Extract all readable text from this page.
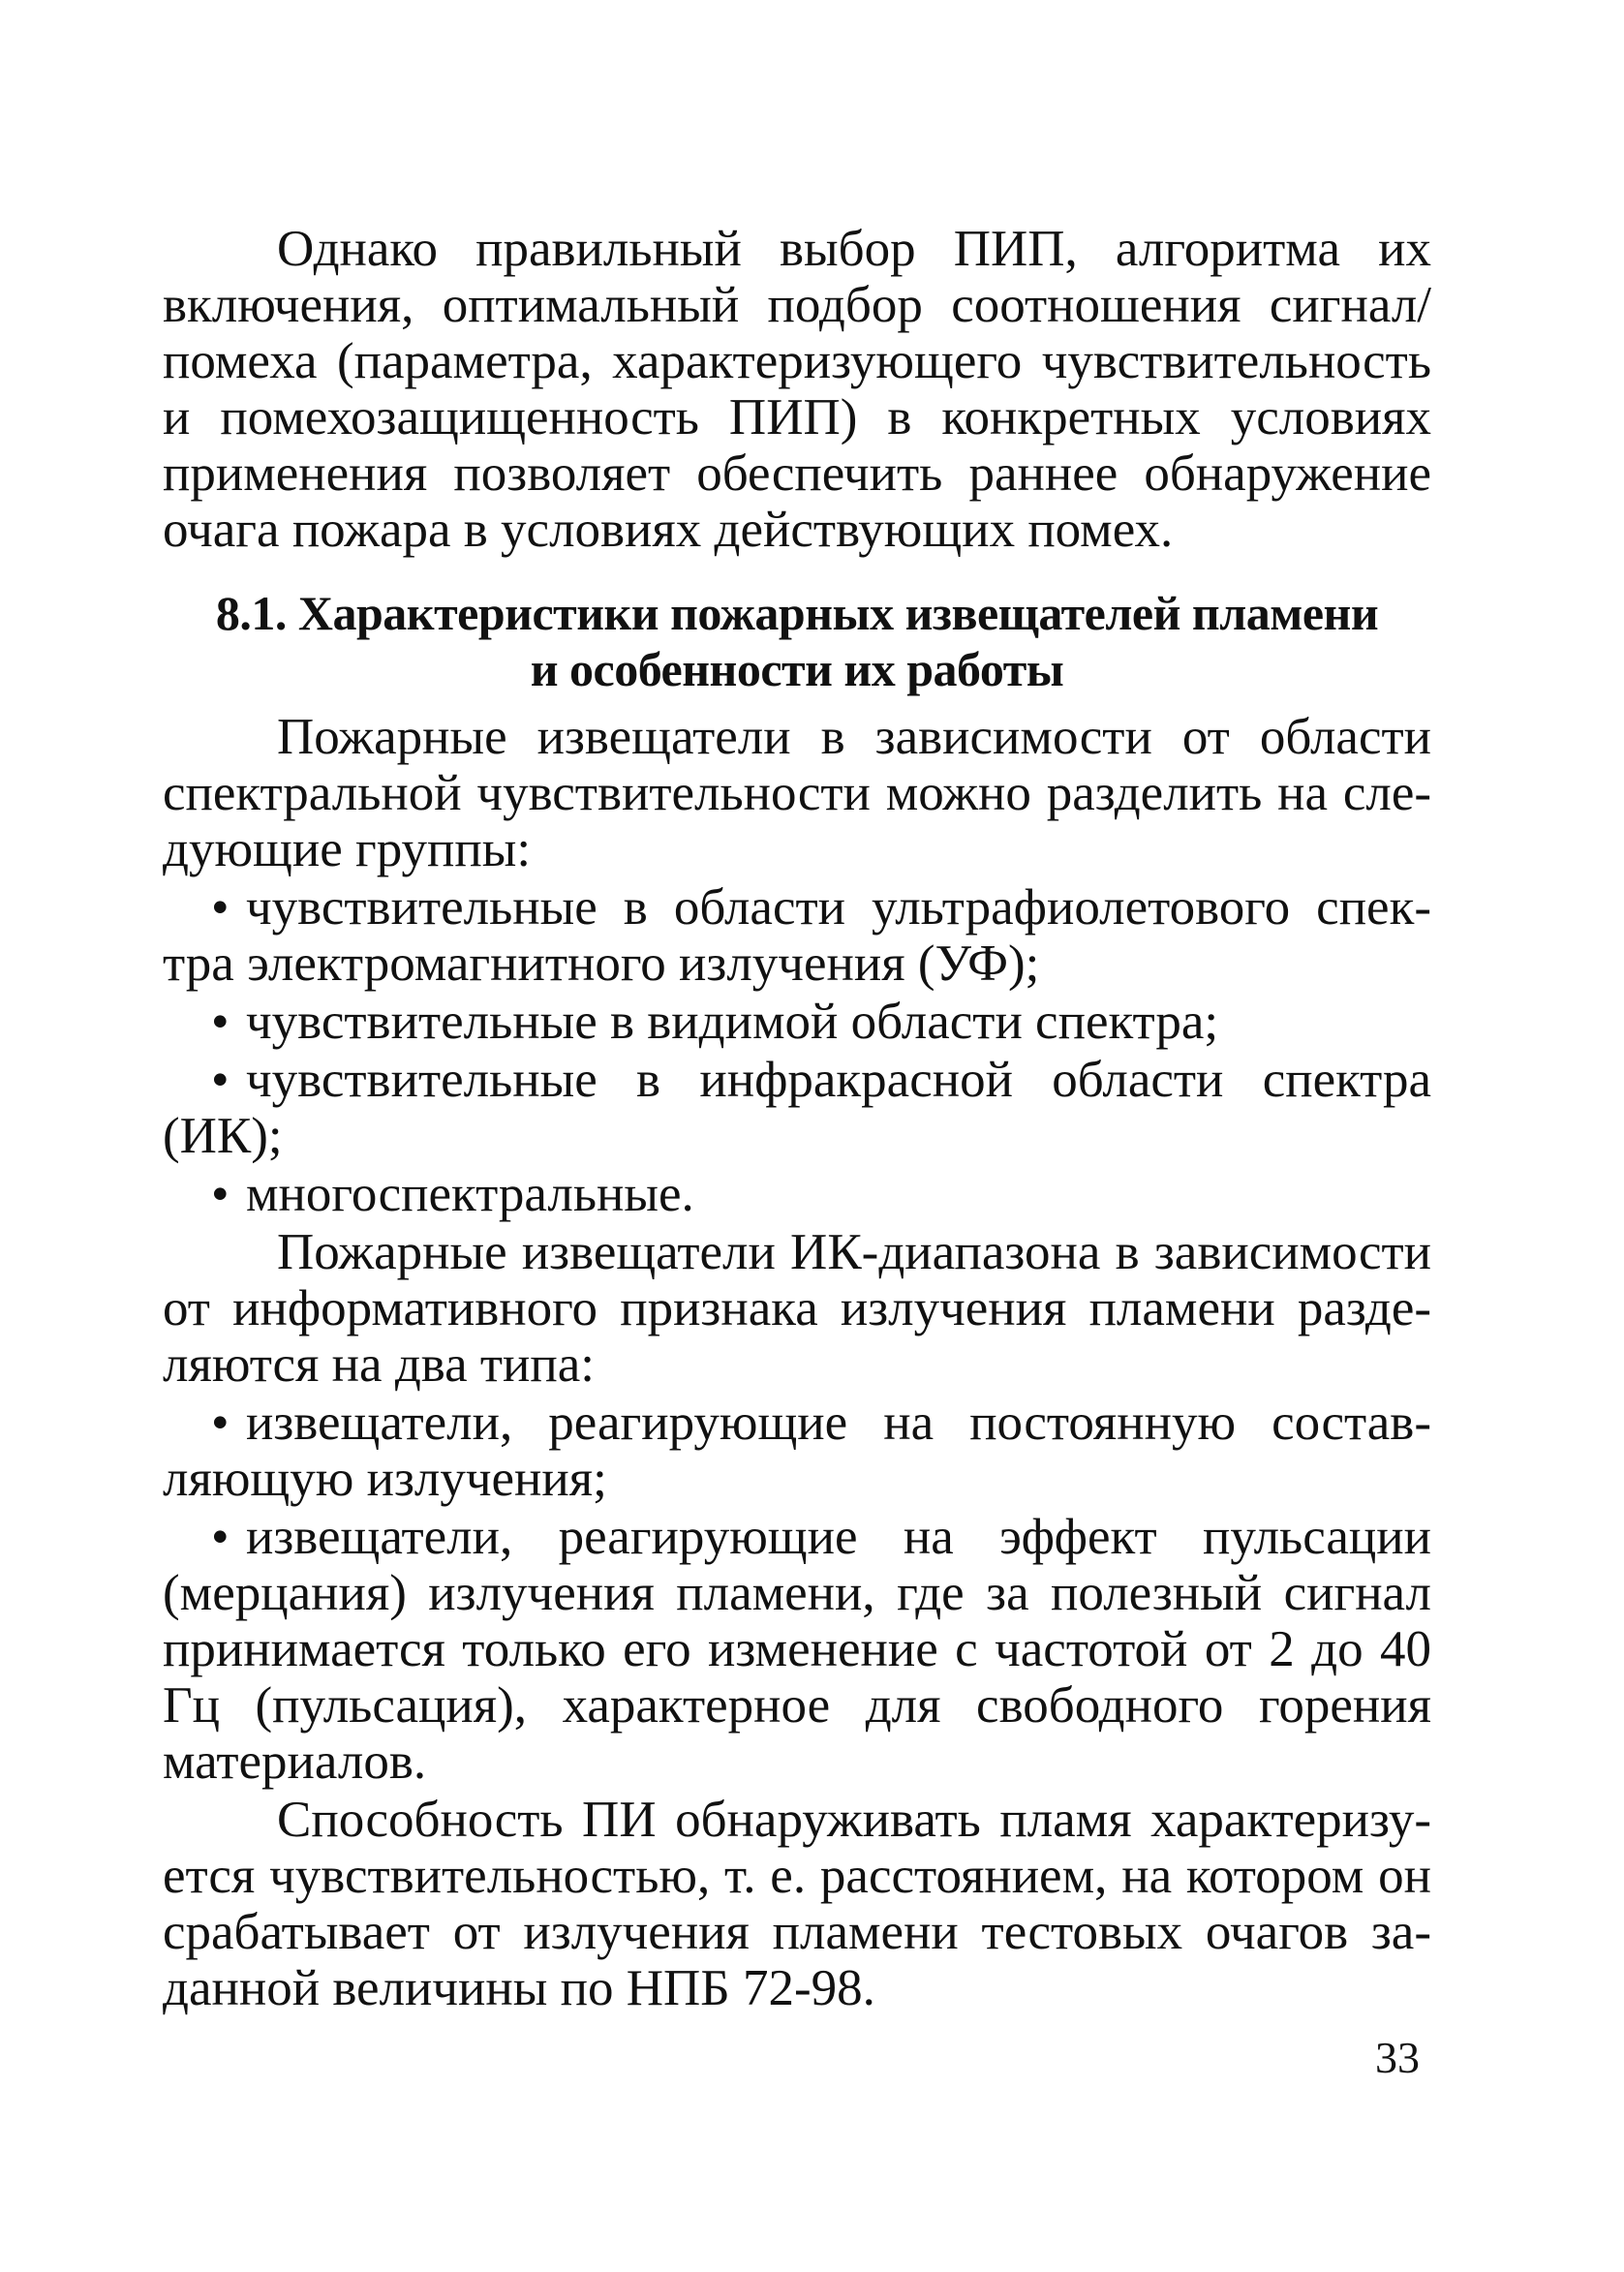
Однако правильный выбор ПИП, алгоритма их включения, оптимальный подбор соотношения сигнал/помеха (параметра, характеризующего чувствительность и помехозащищенность ПИП) в конкретных условиях применения позволяет обеспечить раннее обнаружение очага пожара в условиях действующих помех.

8.1. Характеристики пожарных извещателей пламени
и особенности их работы

Пожарные извещатели в зависимости от области спектральной чувствительности можно разделить на следующие группы:

• чувствительные в области ультрафиолетового спектра электромагнитного излучения (УФ);
• чувствительные в видимой области спектра;
• чувствительные в инфракрасной области спектра (ИК);
• многоспектральные.

Пожарные извещатели ИК-диапазона в зависимости от информативного признака излучения пламени разделяются на два типа:

• извещатели, реагирующие на постоянную составляющую излучения;
• извещатели, реагирующие на эффект пульсации (мерцания) излучения пламени, где за полезный сигнал принимается только его изменение с частотой от 2 до 40 Гц (пульсация), характерное для свободного горения материалов.

Способность ПИ обнаруживать пламя характеризуется чувствительностью, т. е. расстоянием, на котором он срабатывает от излучения пламени тестовых очагов заданной величины по НПБ 72-98.

33
